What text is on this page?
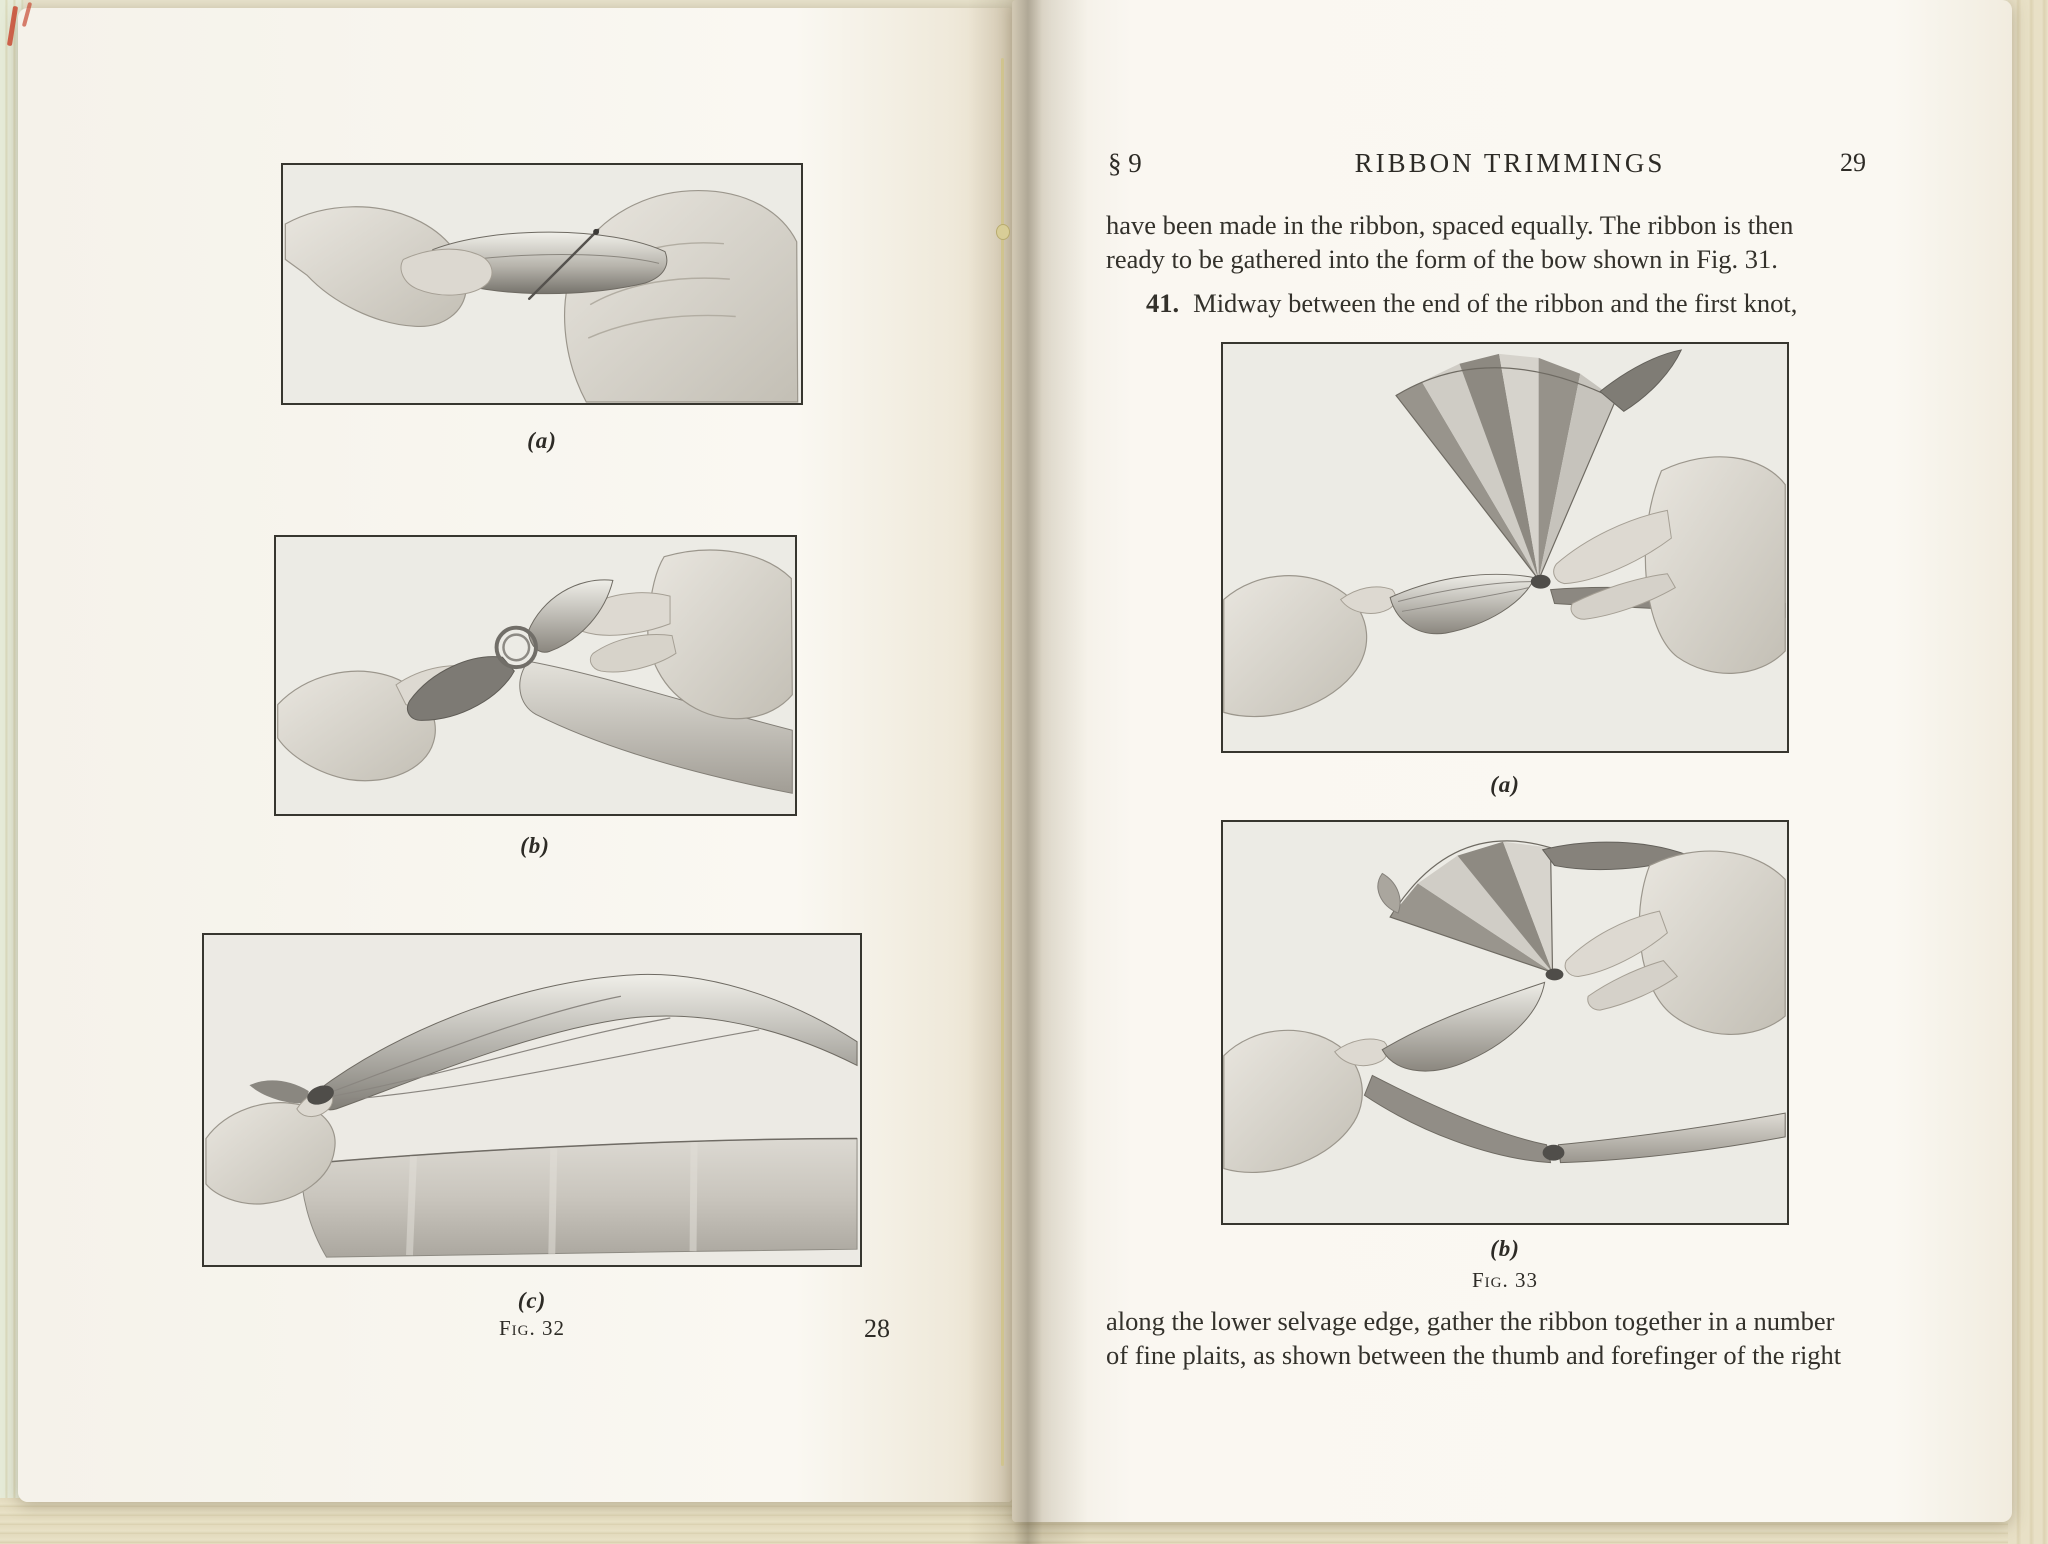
(a)
(b)
(c)
Fig. 32	28
§ 9	RIBBON TRIMMINGS	29
have been made in the ribbon, spaced equally. The ribbon is then
ready to be gathered into the form of the bow shown in Fig. 31.
41. Midway between the end of the ribbon and the first knot,
(a)
(b)
Fig. 33
along the lower selvage edge, gather the ribbon together in a number
of fine plaits, as shown between the thumb and forefinger of the right
